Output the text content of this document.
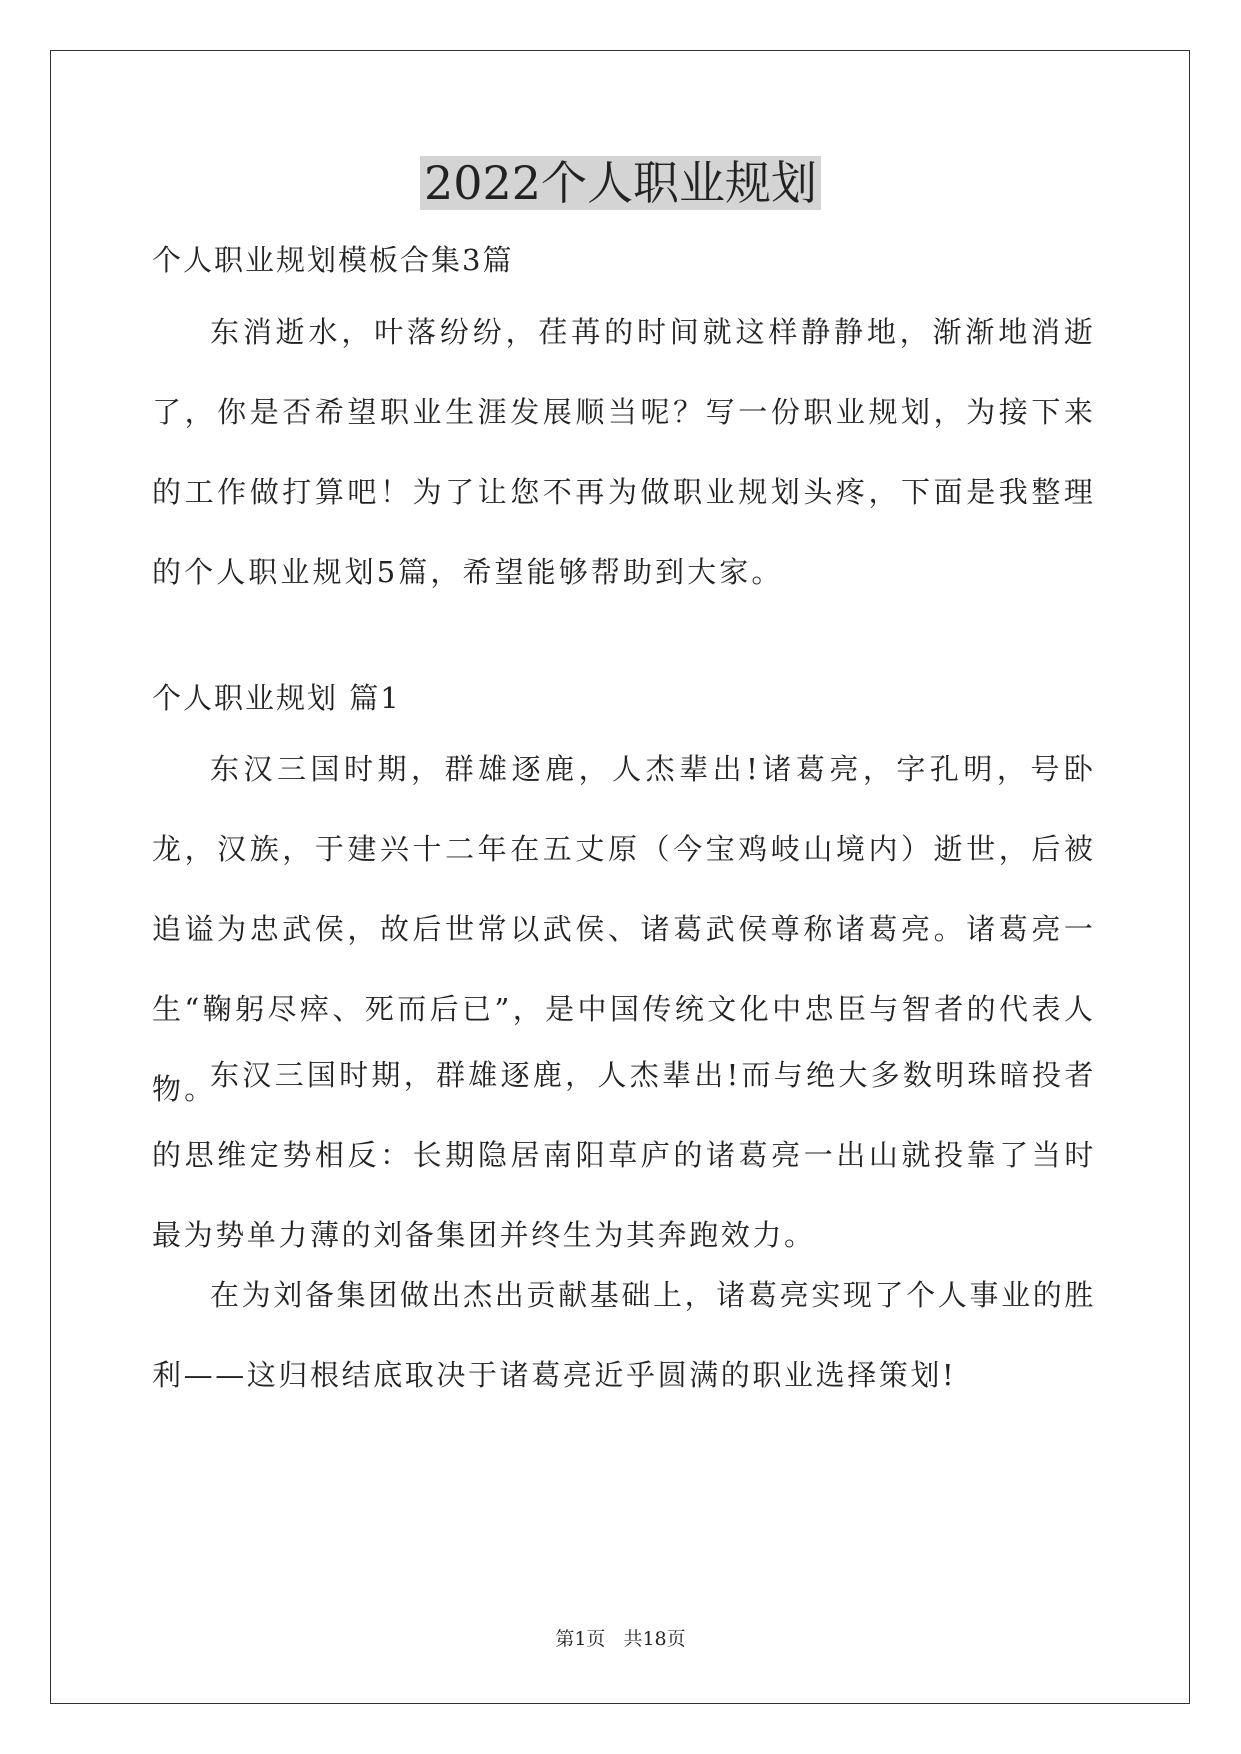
2022个人职业规划
个人职业规划模板合集3篇
东消逝水，叶落纷纷，荏苒的时间就这样静静地，渐渐地消逝了，你是否希望职业生涯发展顺当呢？写一份职业规划，为接下来的工作做打算吧！为了让您不再为做职业规划头疼，下面是我整理的个人职业规划5篇，希望能够帮助到大家。
个人职业规划 篇1
东汉三国时期，群雄逐鹿，人杰辈出!诸葛亮，字孔明，号卧龙，汉族，于建兴十二年在五丈原（今宝鸡岐山境内）逝世，后被追谥为忠武侯，故后世常以武侯、诸葛武侯尊称诸葛亮。诸葛亮一生“鞠躬尽瘁、死而后已”，是中国传统文化中忠臣与智者的代表人物。
东汉三国时期，群雄逐鹿，人杰辈出!而与绝大多数明珠暗投者的思维定势相反：长期隐居南阳草庐的诸葛亮一出山就投靠了当时最为势单力薄的刘备集团并终生为其奔跑效力。
在为刘备集团做出杰出贡献基础上，诸葛亮实现了个人事业的胜利——这归根结底取决于诸葛亮近乎圆满的职业选择策划!
第1页 共18页
